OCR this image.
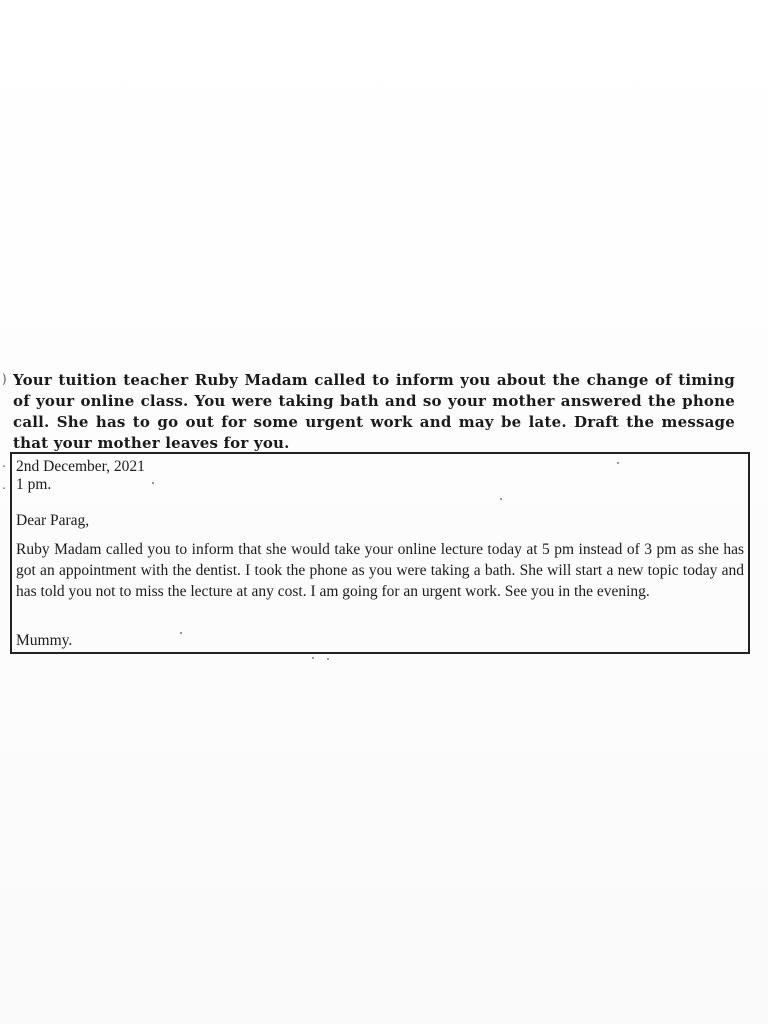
)
.
.
Your tuition teacher Ruby Madam called to inform you about the change of timing of your online class. You were taking bath and so your mother answered the phone call. She has to go out for some urgent work and may be late. Draft the message that your mother leaves for you.
2nd December, 2021
1 pm.
Dear Parag,
Ruby Madam called you to inform that she would take your online lecture today at 5 pm instead of 3 pm as she has got an appointment with the dentist. I took the phone as you were taking a bath. She will start a new topic today and has told you not to miss the lecture at any cost. I am going for an urgent work. See you in the evening.
Mummy.
